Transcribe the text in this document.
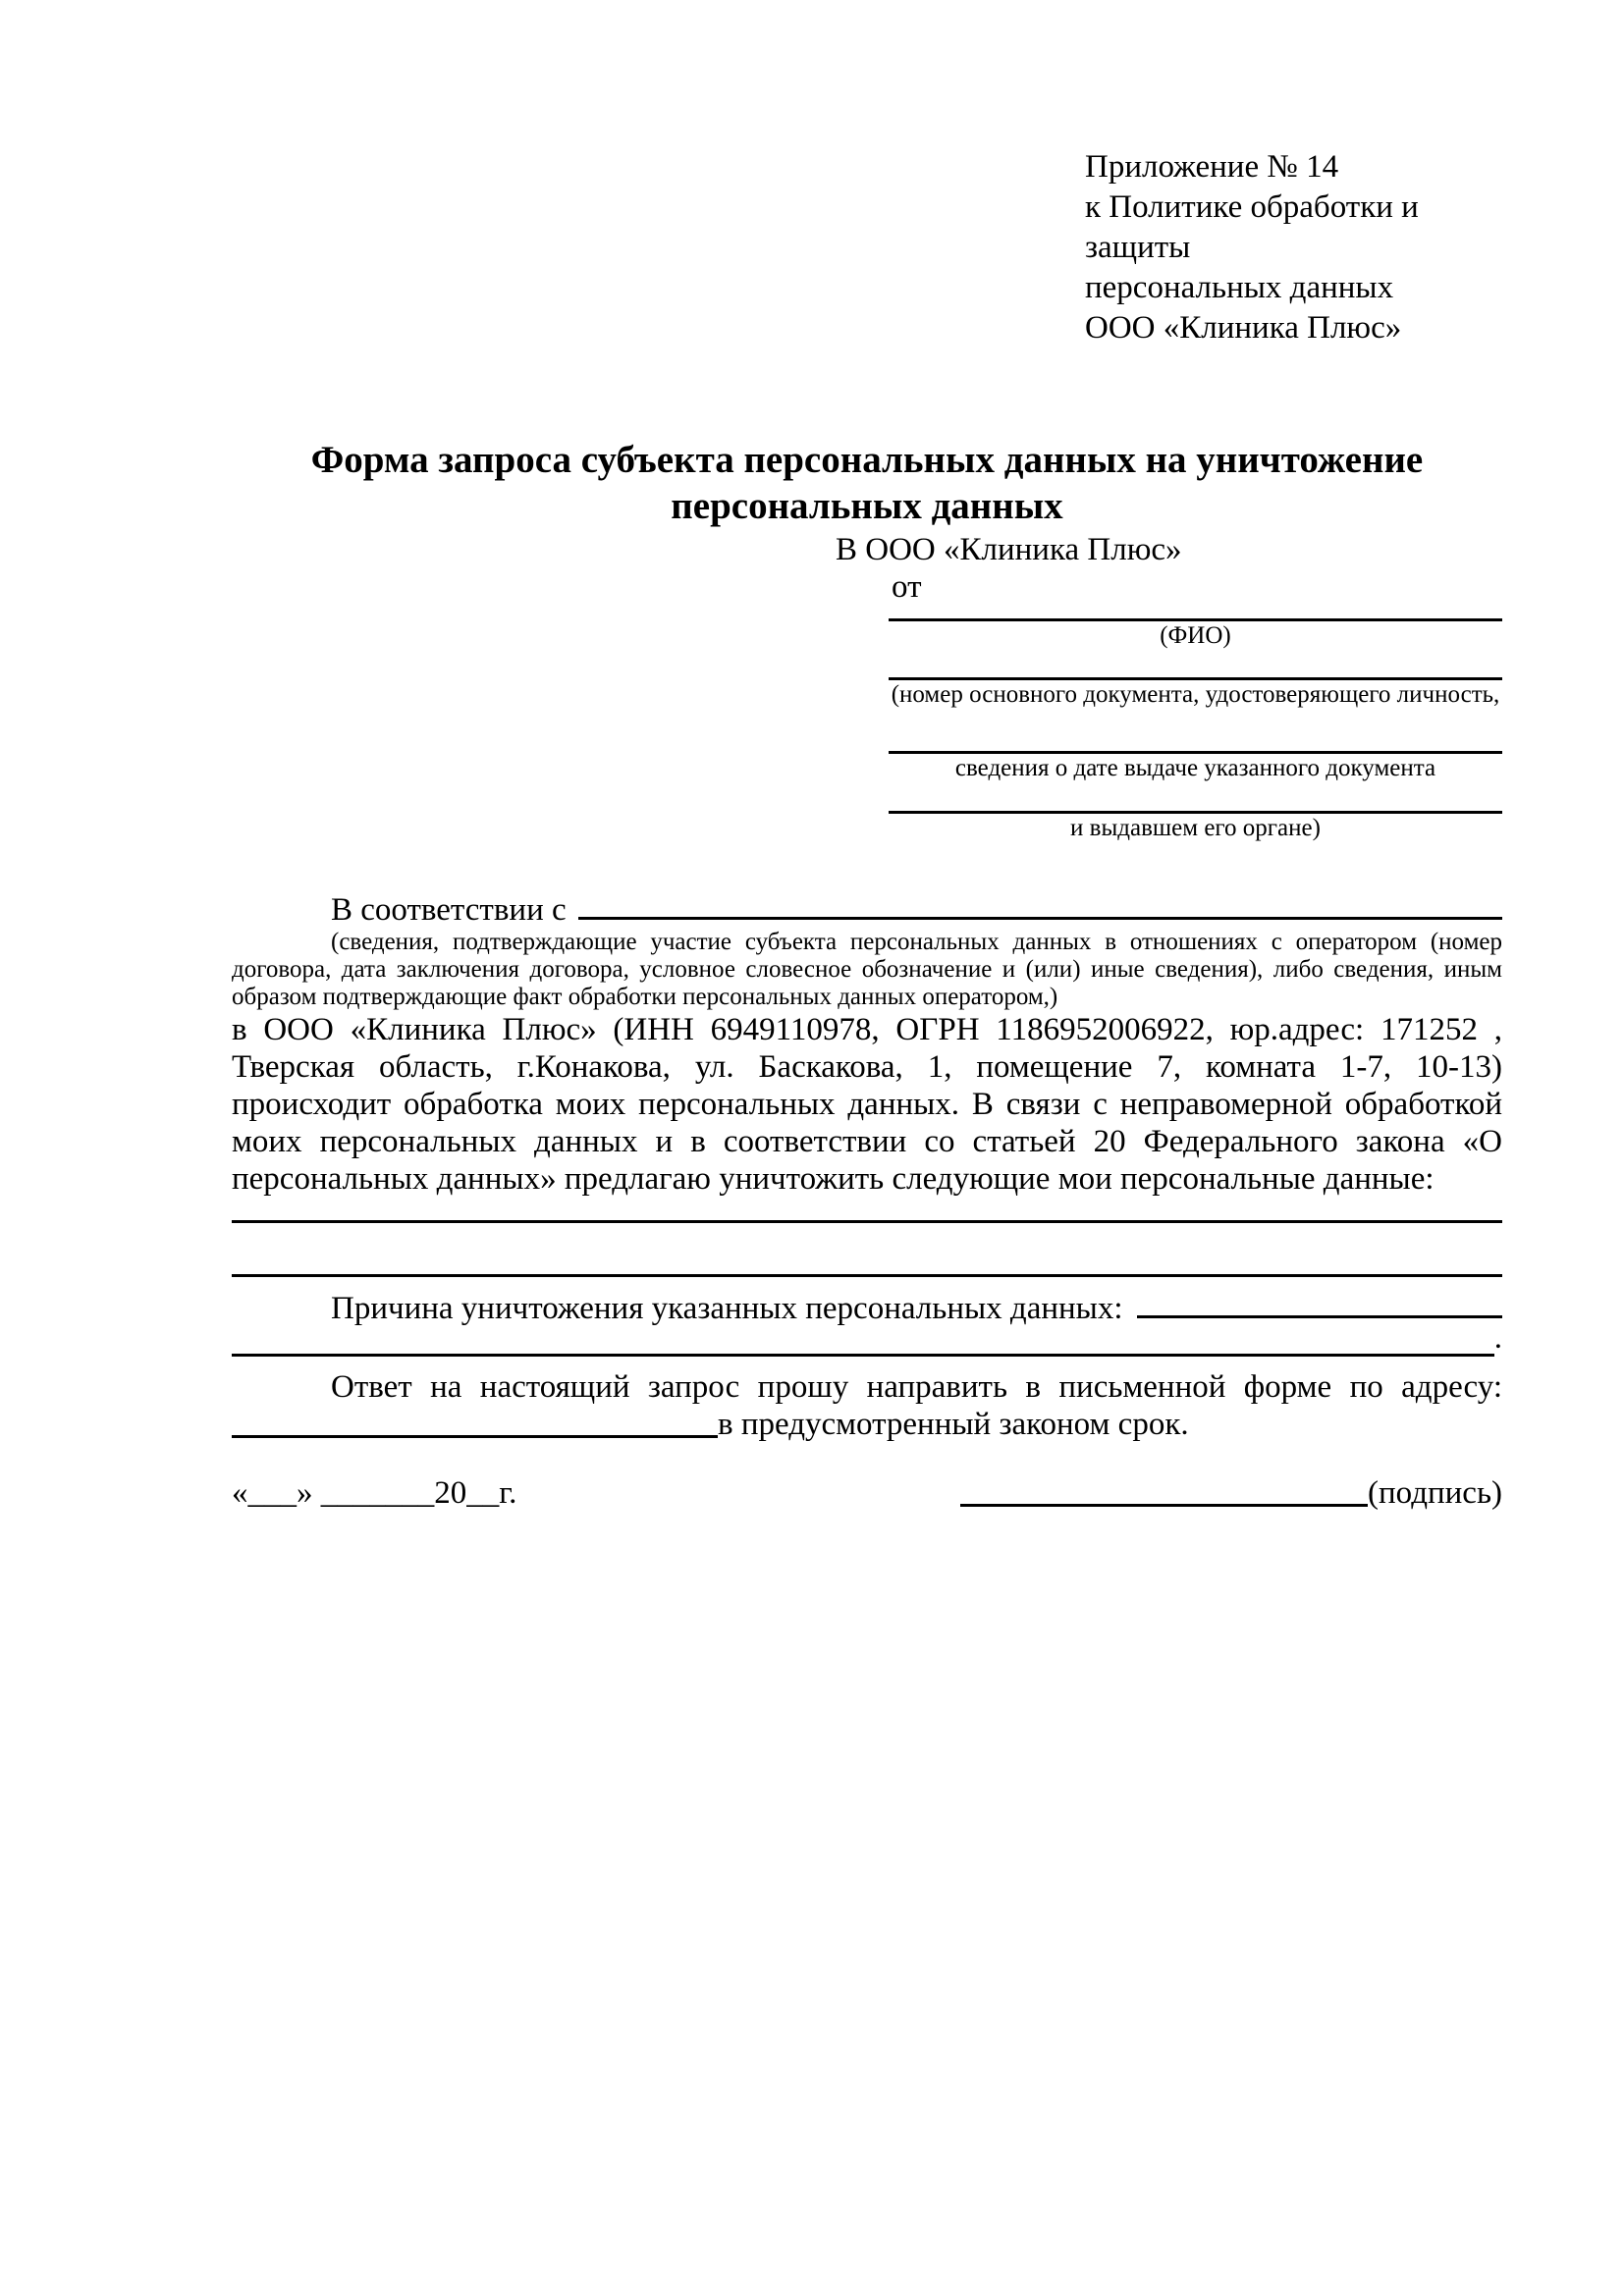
Приложение № 14
к Политике обработки и защиты
персональных данных
ООО «Клиника Плюс»
Форма запроса субъекта персональных данных на уничтожение
персональных данных
В ООО «Клиника Плюс»
от
(ФИО)
(номер основного документа, удостоверяющего личность,
сведения о дате выдаче указанного документа
и выдавшем его органе)
В соответствии с
(сведения, подтверждающие участие субъекта персональных данных в отношениях с оператором (номер договора, дата заключения договора, условное словесное обозначение и (или) иные сведения), либо сведения, иным образом подтверждающие факт обработки персональных данных оператором,)
в ООО «Клиника Плюс» (ИНН 6949110978, ОГРН 1186952006922, юр.адрес: 171252 , Тверская область, г.Конакова, ул. Баскакова, 1, помещение 7, комната 1-7, 10-13) происходит обработка моих персональных данных. В связи с неправомерной обработкой моих персональных данных и в соответствии со статьей 20 Федерального закона «О персональных данных» предлагаю уничтожить следующие мои персональные данные:
Причина уничтожения указанных персональных данных:
.
Ответ на настоящий запрос прошу направить в письменной форме по адресу:
в предусмотренный законом срок.
«___» _______20__г.	(подпись)
